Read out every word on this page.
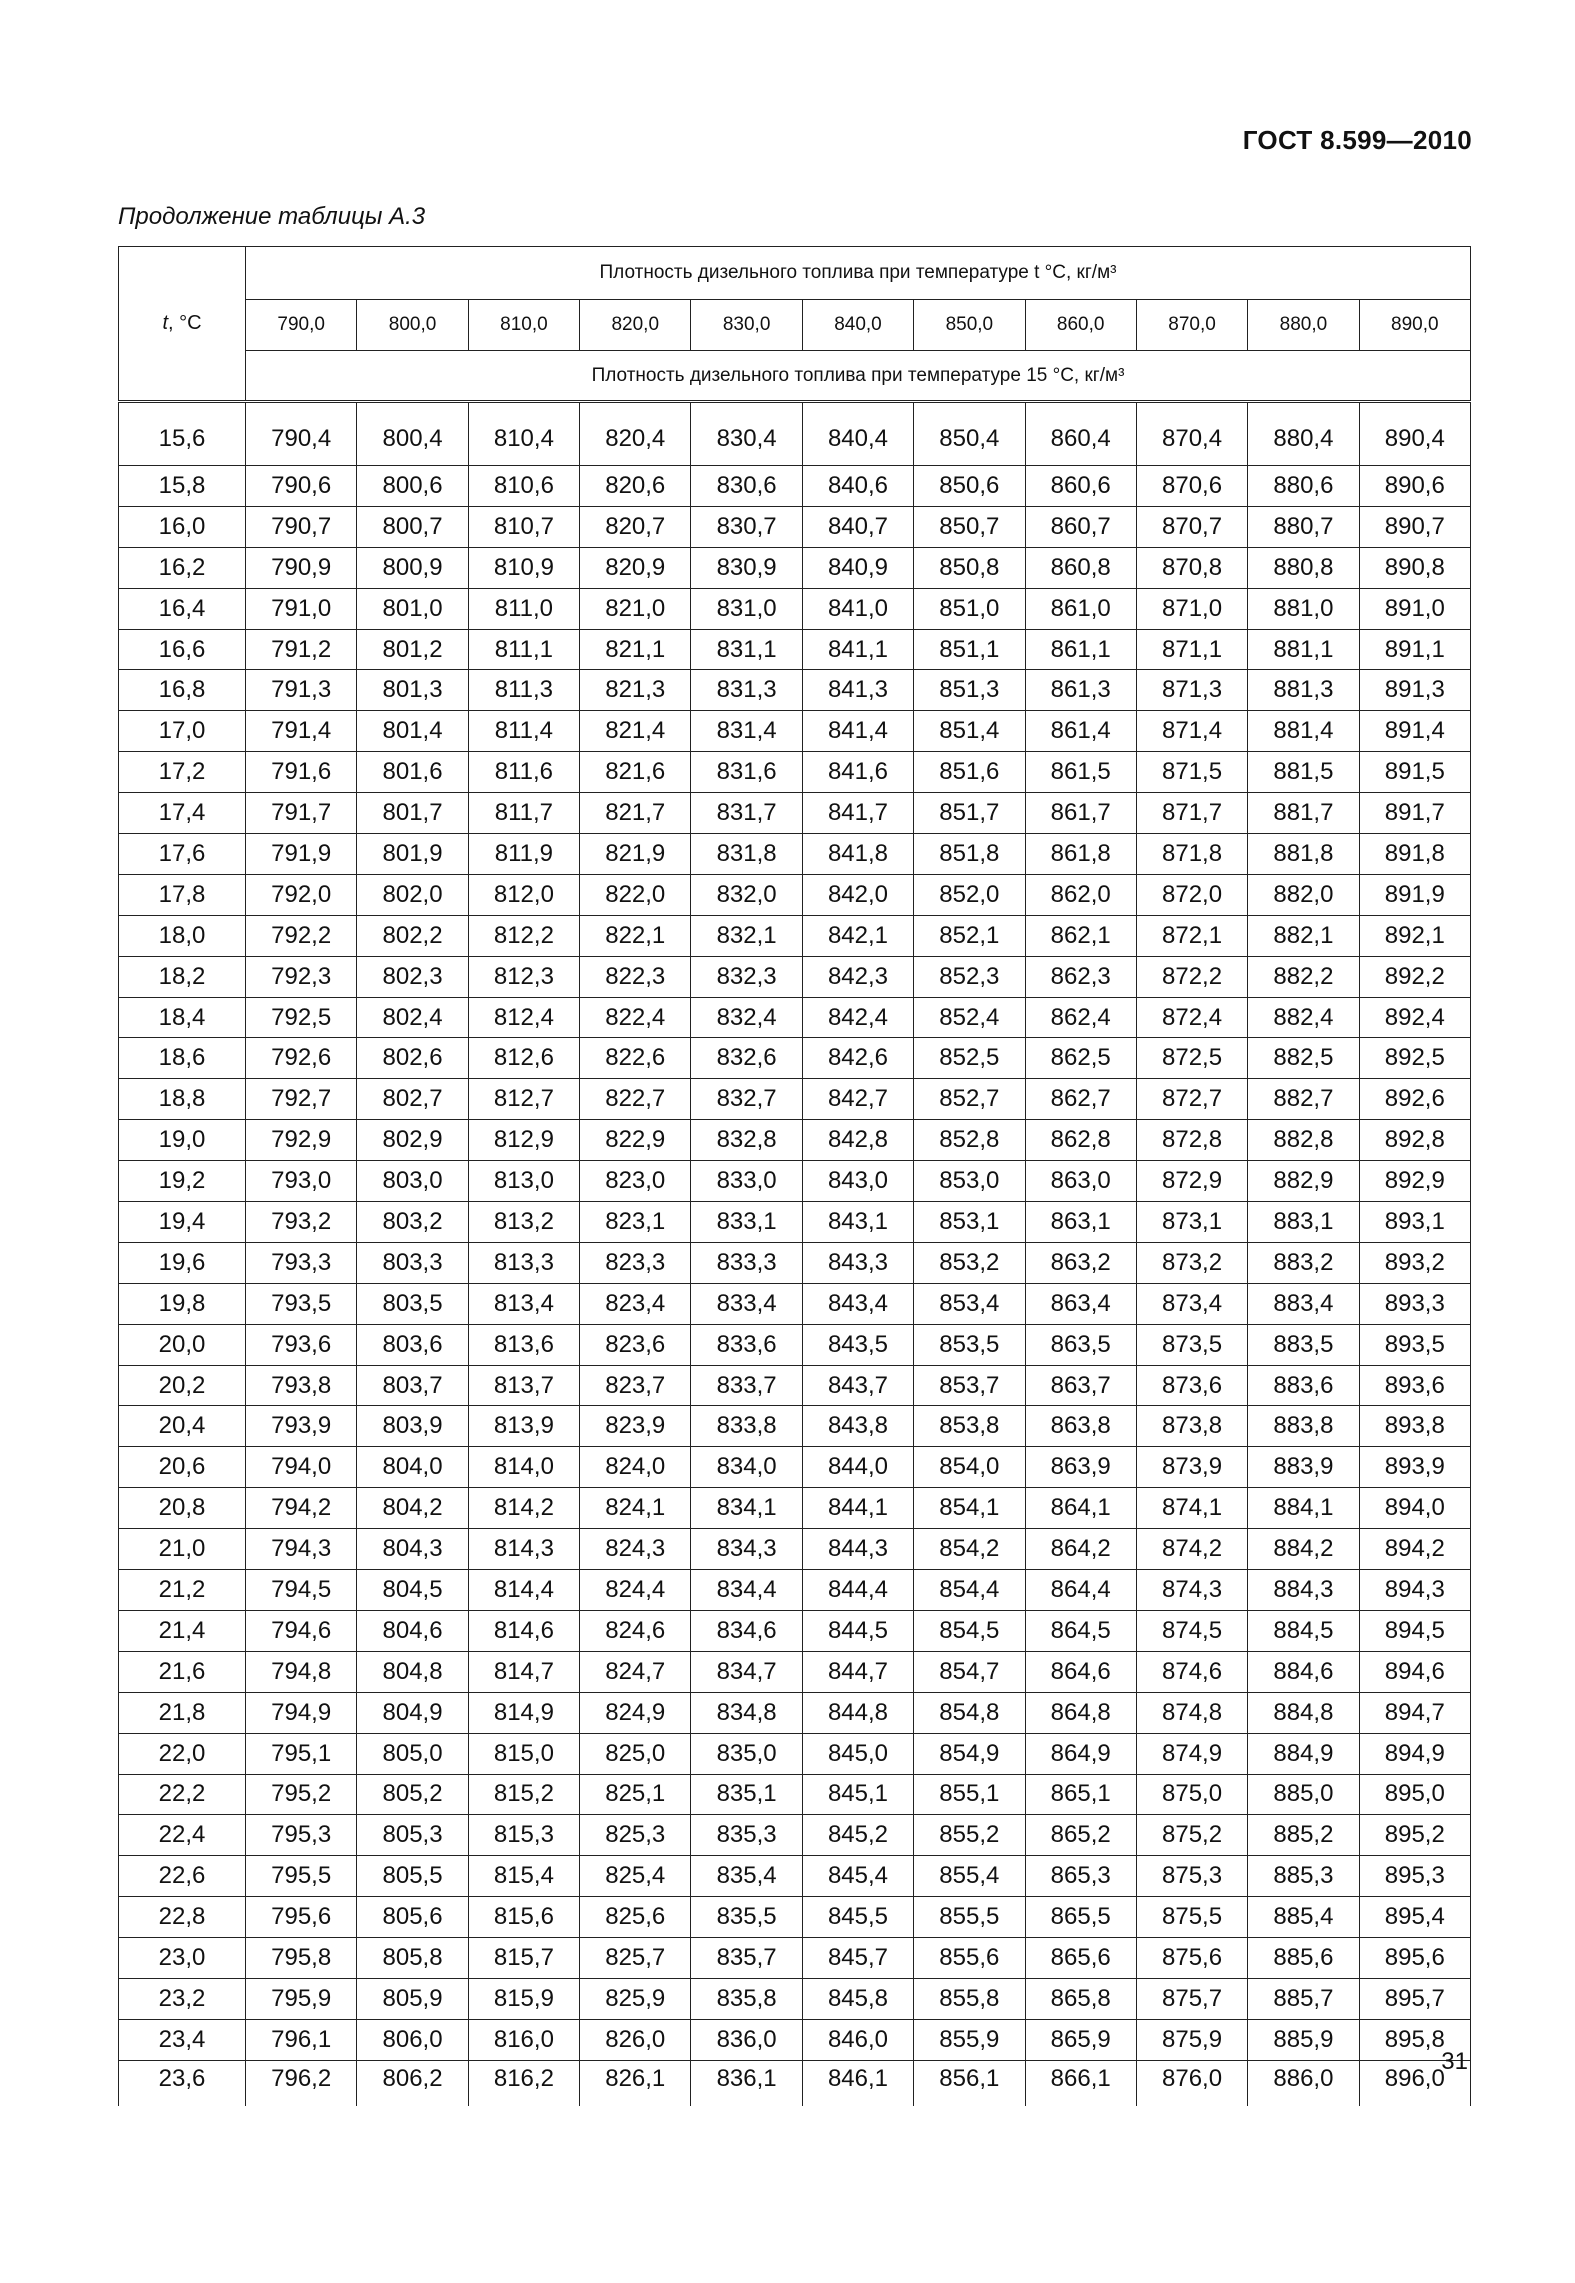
ГОСТ 8.599—2010
Продолжение таблицы А.3
t, °С	Плотность дизельного топлива при температуре t °С, кг/м³										
	790,0	800,0	810,0	820,0	830,0	840,0	850,0	860,0	870,0	880,0	890,0
	Плотность дизельного топлива при температуре 15 °С, кг/м³										
15,6	790,4	800,4	810,4	820,4	830,4	840,4	850,4	860,4	870,4	880,4	890,4
15,8	790,6	800,6	810,6	820,6	830,6	840,6	850,6	860,6	870,6	880,6	890,6
16,0	790,7	800,7	810,7	820,7	830,7	840,7	850,7	860,7	870,7	880,7	890,7
16,2	790,9	800,9	810,9	820,9	830,9	840,9	850,8	860,8	870,8	880,8	890,8
16,4	791,0	801,0	811,0	821,0	831,0	841,0	851,0	861,0	871,0	881,0	891,0
16,6	791,2	801,2	811,1	821,1	831,1	841,1	851,1	861,1	871,1	881,1	891,1
16,8	791,3	801,3	811,3	821,3	831,3	841,3	851,3	861,3	871,3	881,3	891,3
17,0	791,4	801,4	811,4	821,4	831,4	841,4	851,4	861,4	871,4	881,4	891,4
17,2	791,6	801,6	811,6	821,6	831,6	841,6	851,6	861,5	871,5	881,5	891,5
17,4	791,7	801,7	811,7	821,7	831,7	841,7	851,7	861,7	871,7	881,7	891,7
17,6	791,9	801,9	811,9	821,9	831,8	841,8	851,8	861,8	871,8	881,8	891,8
17,8	792,0	802,0	812,0	822,0	832,0	842,0	852,0	862,0	872,0	882,0	891,9
18,0	792,2	802,2	812,2	822,1	832,1	842,1	852,1	862,1	872,1	882,1	892,1
18,2	792,3	802,3	812,3	822,3	832,3	842,3	852,3	862,3	872,2	882,2	892,2
18,4	792,5	802,4	812,4	822,4	832,4	842,4	852,4	862,4	872,4	882,4	892,4
18,6	792,6	802,6	812,6	822,6	832,6	842,6	852,5	862,5	872,5	882,5	892,5
18,8	792,7	802,7	812,7	822,7	832,7	842,7	852,7	862,7	872,7	882,7	892,6
19,0	792,9	802,9	812,9	822,9	832,8	842,8	852,8	862,8	872,8	882,8	892,8
19,2	793,0	803,0	813,0	823,0	833,0	843,0	853,0	863,0	872,9	882,9	892,9
19,4	793,2	803,2	813,2	823,1	833,1	843,1	853,1	863,1	873,1	883,1	893,1
19,6	793,3	803,3	813,3	823,3	833,3	843,3	853,2	863,2	873,2	883,2	893,2
19,8	793,5	803,5	813,4	823,4	833,4	843,4	853,4	863,4	873,4	883,4	893,3
20,0	793,6	803,6	813,6	823,6	833,6	843,5	853,5	863,5	873,5	883,5	893,5
20,2	793,8	803,7	813,7	823,7	833,7	843,7	853,7	863,7	873,6	883,6	893,6
20,4	793,9	803,9	813,9	823,9	833,8	843,8	853,8	863,8	873,8	883,8	893,8
20,6	794,0	804,0	814,0	824,0	834,0	844,0	854,0	863,9	873,9	883,9	893,9
20,8	794,2	804,2	814,2	824,1	834,1	844,1	854,1	864,1	874,1	884,1	894,0
21,0	794,3	804,3	814,3	824,3	834,3	844,3	854,2	864,2	874,2	884,2	894,2
21,2	794,5	804,5	814,4	824,4	834,4	844,4	854,4	864,4	874,3	884,3	894,3
21,4	794,6	804,6	814,6	824,6	834,6	844,5	854,5	864,5	874,5	884,5	894,5
21,6	794,8	804,8	814,7	824,7	834,7	844,7	854,7	864,6	874,6	884,6	894,6
21,8	794,9	804,9	814,9	824,9	834,8	844,8	854,8	864,8	874,8	884,8	894,7
22,0	795,1	805,0	815,0	825,0	835,0	845,0	854,9	864,9	874,9	884,9	894,9
22,2	795,2	805,2	815,2	825,1	835,1	845,1	855,1	865,1	875,0	885,0	895,0
22,4	795,3	805,3	815,3	825,3	835,3	845,2	855,2	865,2	875,2	885,2	895,2
22,6	795,5	805,5	815,4	825,4	835,4	845,4	855,4	865,3	875,3	885,3	895,3
22,8	795,6	805,6	815,6	825,6	835,5	845,5	855,5	865,5	875,5	885,4	895,4
23,0	795,8	805,8	815,7	825,7	835,7	845,7	855,6	865,6	875,6	885,6	895,6
23,2	795,9	805,9	815,9	825,9	835,8	845,8	855,8	865,8	875,7	885,7	895,7
23,4	796,1	806,0	816,0	826,0	836,0	846,0	855,9	865,9	875,9	885,9	895,8
23,6	796,2	806,2	816,2	826,1	836,1	846,1	856,1	866,1	876,0	886,0	896,0
31
